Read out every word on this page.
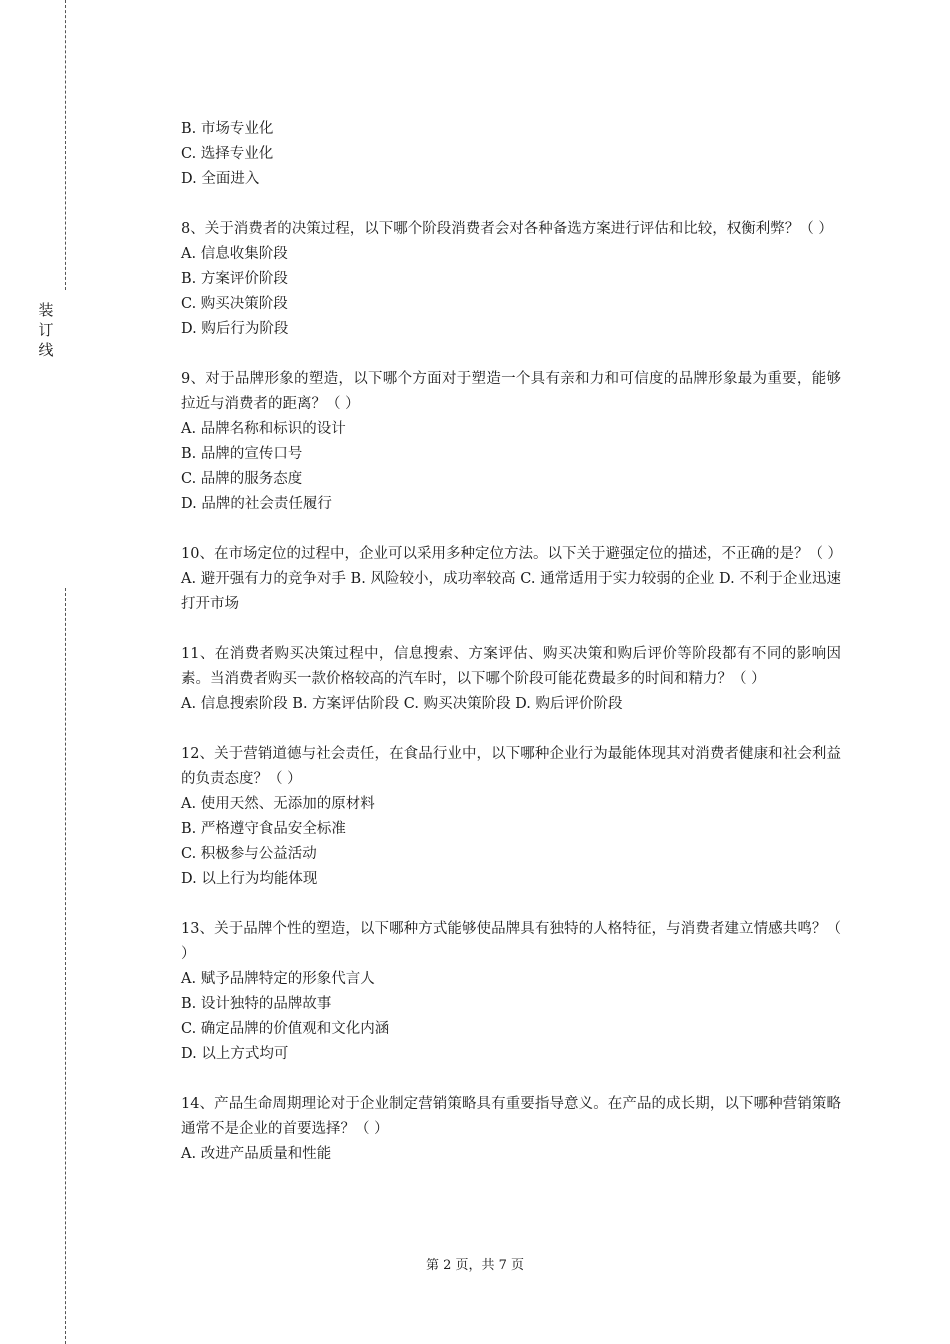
装
订
线

B. 市场专业化

C. 选择专业化

D. 全面进入

8、关于消费者的决策过程，以下哪个阶段消费者会对各种备选方案进行评估和比较，权衡利弊？（ ）

A. 信息收集阶段

B. 方案评价阶段

C. 购买决策阶段

D. 购后行为阶段

9、对于品牌形象的塑造，以下哪个方面对于塑造一个具有亲和力和可信度的品牌形象最为重要，能够拉近与消费者的距离？（ ）

A. 品牌名称和标识的设计

B. 品牌的宣传口号

C. 品牌的服务态度

D. 品牌的社会责任履行

10、在市场定位的过程中，企业可以采用多种定位方法。以下关于避强定位的描述，不正确的是？（ ）

A. 避开强有力的竞争对手 B. 风险较小，成功率较高 C. 通常适用于实力较弱的企业 D. 不利于企业迅速打开市场

11、在消费者购买决策过程中，信息搜索、方案评估、购买决策和购后评价等阶段都有不同的影响因素。当消费者购买一款价格较高的汽车时，以下哪个阶段可能花费最多的时间和精力？（ ）

A. 信息搜索阶段 B. 方案评估阶段 C. 购买决策阶段 D. 购后评价阶段

12、关于营销道德与社会责任，在食品行业中，以下哪种企业行为最能体现其对消费者健康和社会利益的负责态度？（ ）

A. 使用天然、无添加的原材料

B. 严格遵守食品安全标准

C. 积极参与公益活动

D. 以上行为均能体现

13、关于品牌个性的塑造，以下哪种方式能够使品牌具有独特的人格特征，与消费者建立情感共鸣？（ ）

A. 赋予品牌特定的形象代言人

B. 设计独特的品牌故事

C. 确定品牌的价值观和文化内涵

D. 以上方式均可

14、产品生命周期理论对于企业制定营销策略具有重要指导意义。在产品的成长期，以下哪种营销策略通常不是企业的首要选择？（ ）

A. 改进产品质量和性能

第 2 页，共 7 页
